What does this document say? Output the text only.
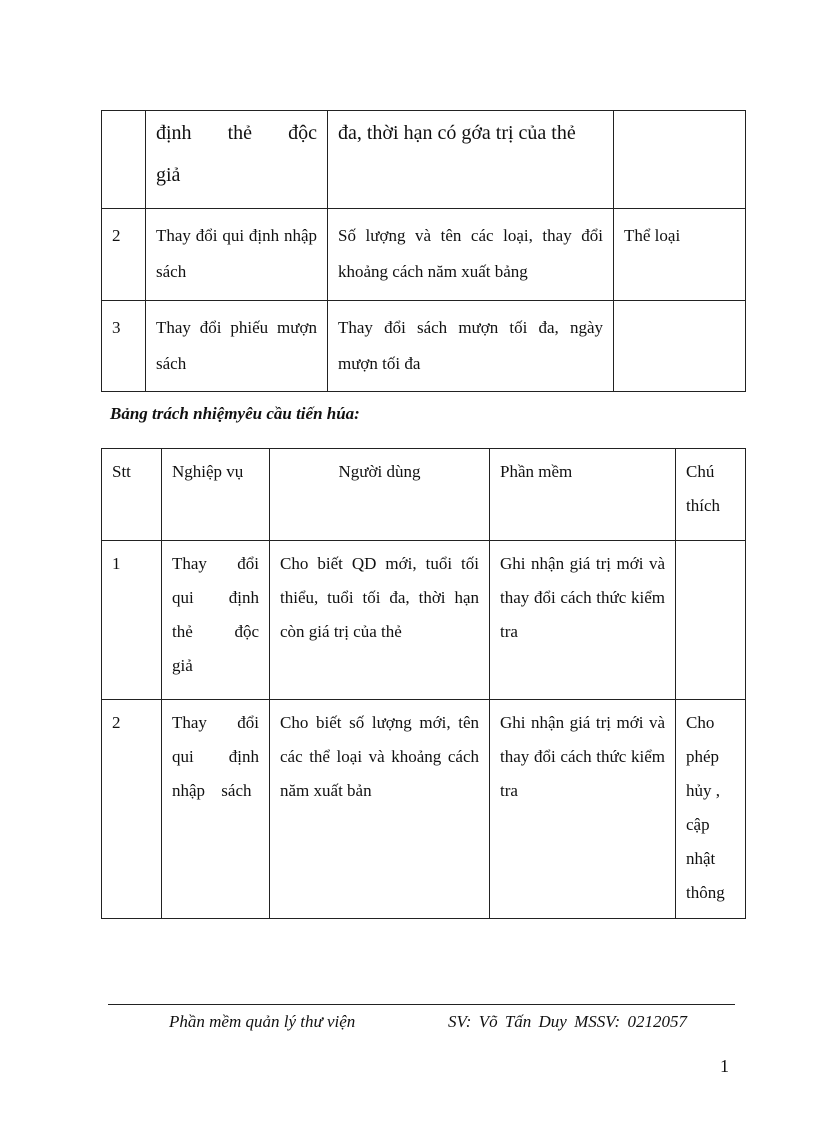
	định thẻ độc giả	đa, thời hạn có gớa trị của thẻ	

2	Thay đổi qui định nhập sách	Số lượng và tên các loại, thay đổi khoảng cách năm xuất bảng	Thể loại

3	Thay đổi phiếu mượn sách	Thay đổi sách mượn tối đa, ngày mượn tối đa	

Bảng trách nhiệmyêu cầu tiến húa:
Stt	Nghiệp vụ	Người dùng	Phần mềm	Chú thích

1	Thay đổi qui định thẻ độc giả	Cho biết QD mới, tuổi tối thiểu, tuổi tối đa, thời hạn còn giá trị của thẻ	Ghi nhận giá trị mới và thay đổi cách thức kiểm tra	

2	Thay đổi qui định nhập sách	Cho biết số lượng mới, tên các thể loại và khoảng cách năm xuất bản	Ghi nhận giá trị mới và thay đổi cách thức kiểm tra	Cho phép hủy , cập nhật thông
Phần mềm quản lý thư viện	SV: Võ Tấn Duy MSSV: 0212057
1
